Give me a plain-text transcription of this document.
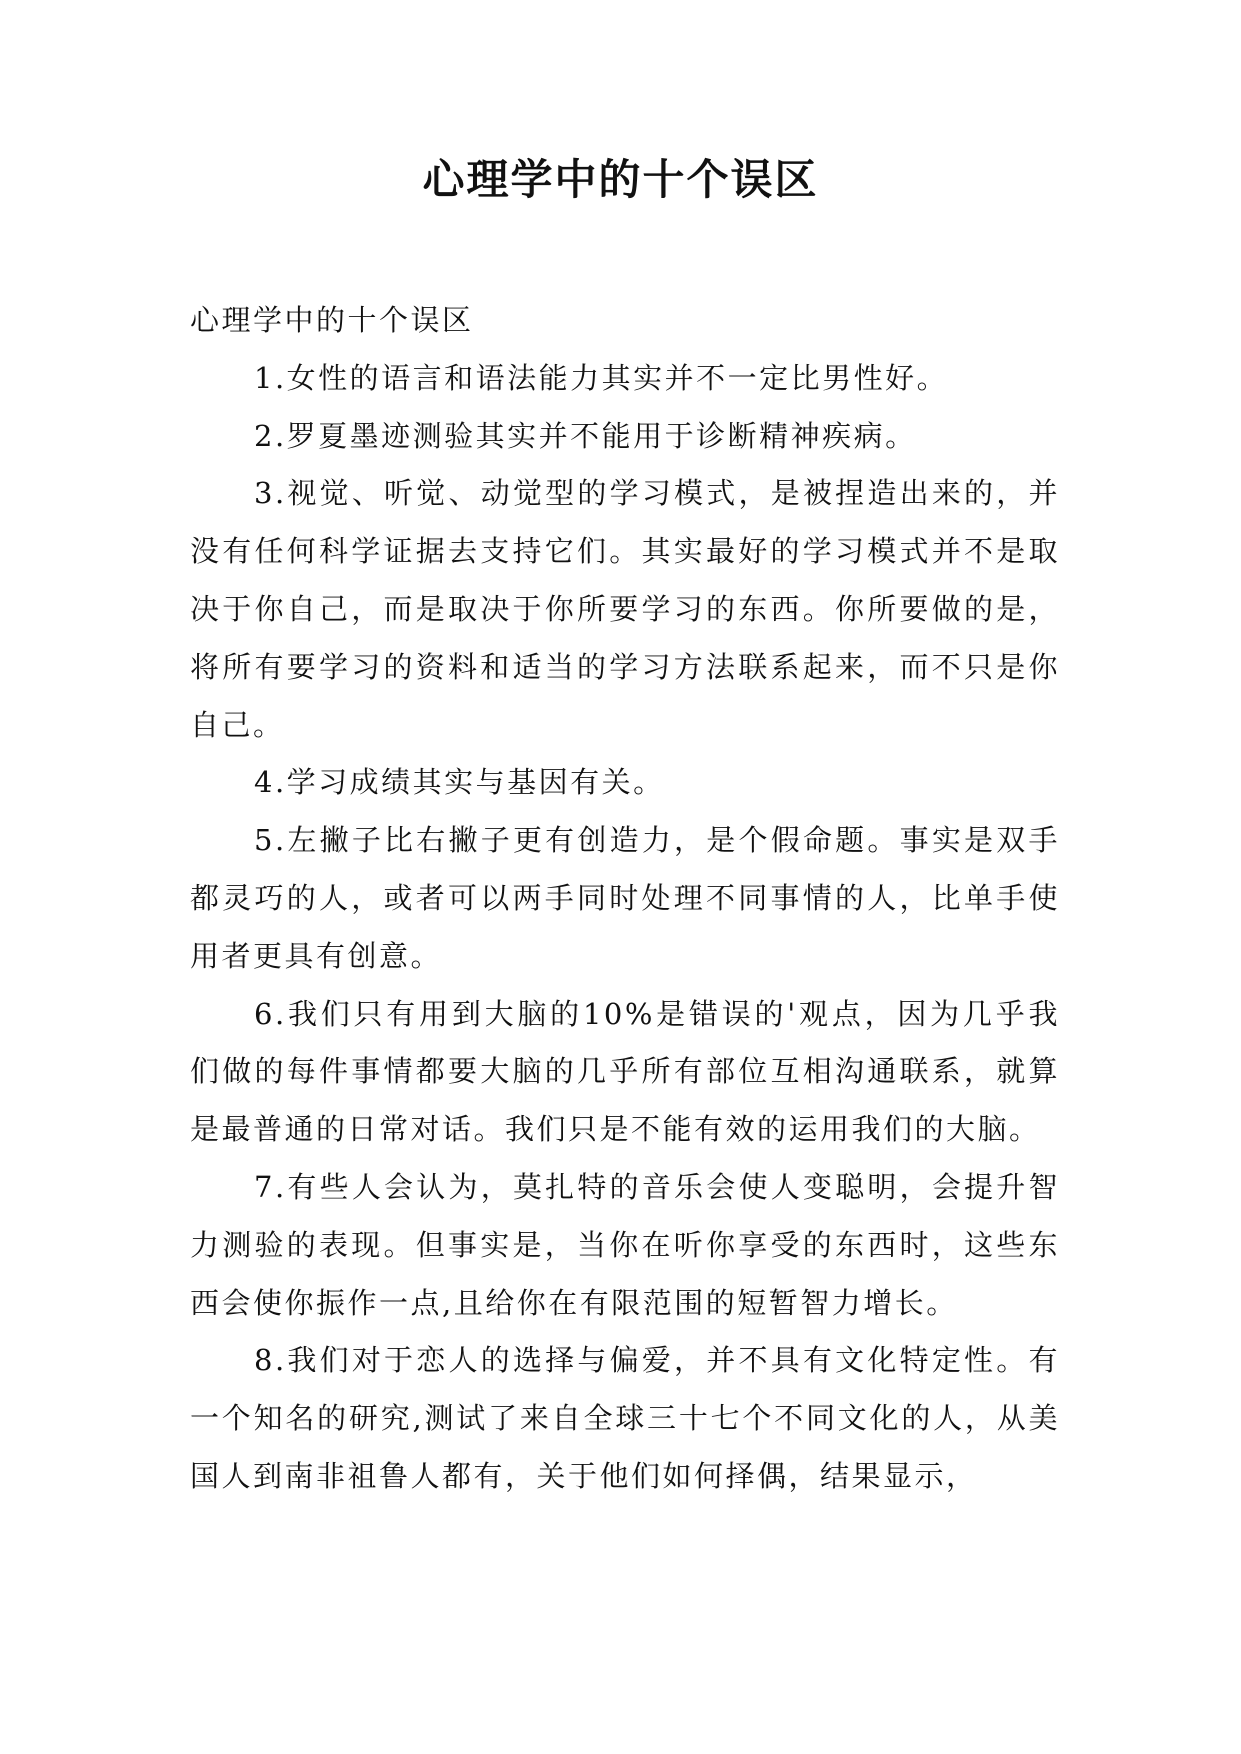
心理学中的十个误区

心理学中的十个误区

1.女性的语言和语法能力其实并不一定比男性好。

2.罗夏墨迹测验其实并不能用于诊断精神疾病。

3.视觉、听觉、动觉型的学习模式，是被捏造出来的，并没有任何科学证据去支持它们。其实最好的学习模式并不是取决于你自己，而是取决于你所要学习的东西。你所要做的是，将所有要学习的资料和适当的学习方法联系起来，而不只是你自己。

4.学习成绩其实与基因有关。

5.左撇子比右撇子更有创造力，是个假命题。事实是双手都灵巧的人，或者可以两手同时处理不同事情的人，比单手使用者更具有创意。

6.我们只有用到大脑的10%是错误的'观点，因为几乎我们做的每件事情都要大脑的几乎所有部位互相沟通联系，就算是最普通的日常对话。我们只是不能有效的运用我们的大脑。

7.有些人会认为，莫扎特的音乐会使人变聪明，会提升智力测验的表现。但事实是，当你在听你享受的东西时，这些东西会使你振作一点,且给你在有限范围的短暂智力增长。

8.我们对于恋人的选择与偏爱，并不具有文化特定性。有一个知名的研究,测试了来自全球三十七个不同文化的人，从美国人到南非祖鲁人都有，关于他们如何择偶，结果显示，
